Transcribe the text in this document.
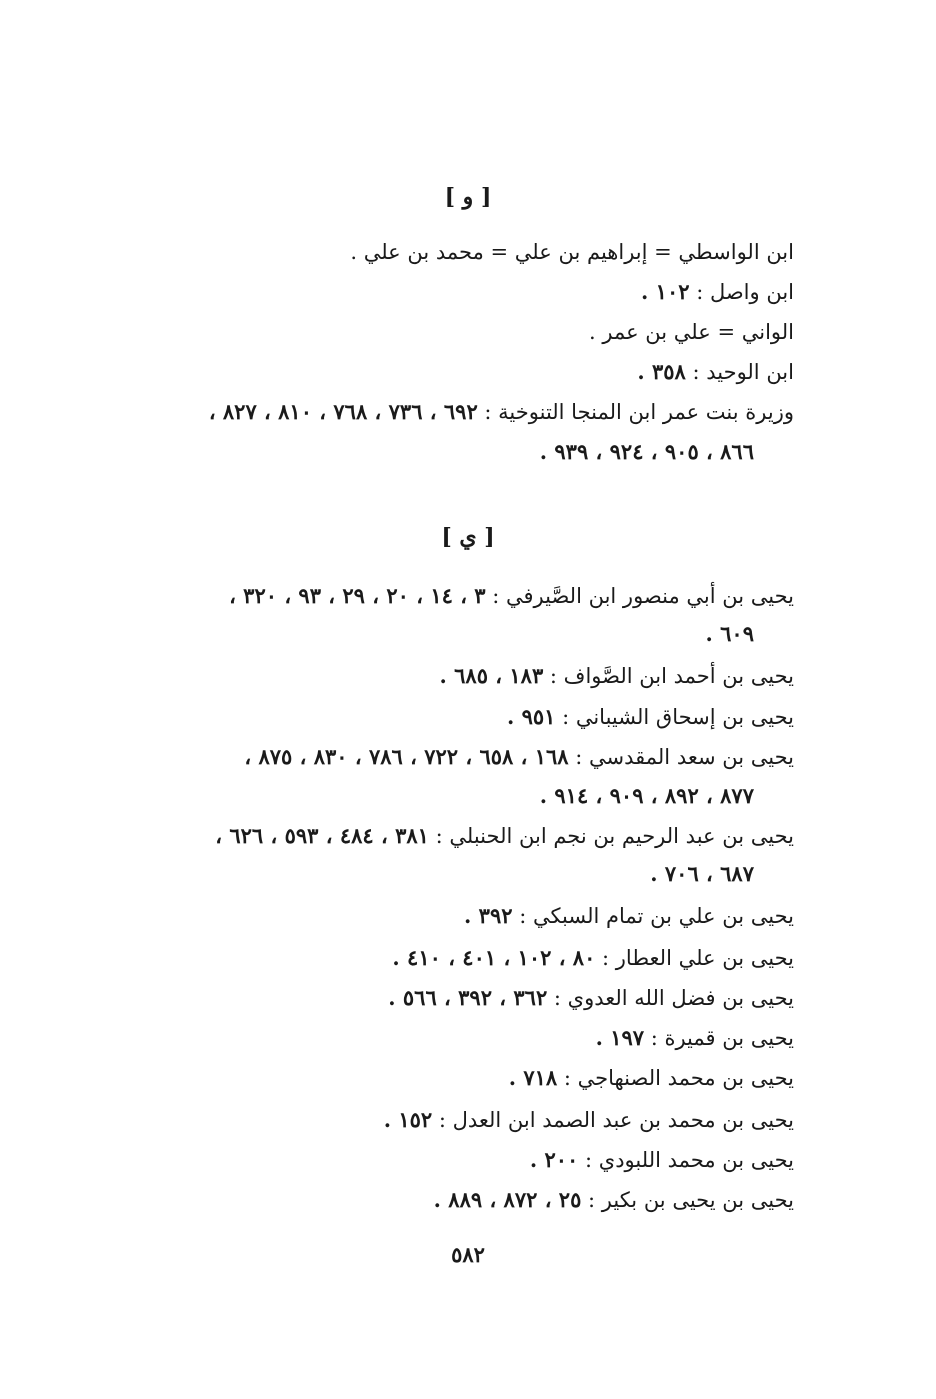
[ و ]
ابن الواسطي = إبراهيم بن علي = محمد بن علي .
ابن واصل : ١٠٢ .
الواني = علي بن عمر .
ابن الوحيد : ٣٥٨ .
وزيرة بنت عمر ابن المنجا التنوخية : ٦٩٢ ، ٧٣٦ ، ٧٦٨ ، ٨١٠ ، ٨٢٧ ،
٨٦٦ ، ٩٠٥ ، ٩٢٤ ، ٩٣٩ .
[ ي ]
يحيى بن أبي منصور ابن الصَّيرفي : ٣ ، ١٤ ، ٢٠ ، ٢٩ ، ٩٣ ، ٣٢٠ ،
٦٠٩ .
يحيى بن أحمد ابن الصَّواف : ١٨٣ ، ٦٨٥ .
يحيى بن إسحاق الشيباني : ٩٥١ .
يحيى بن سعد المقدسي : ١٦٨ ، ٦٥٨ ، ٧٢٢ ، ٧٨٦ ، ٨٣٠ ، ٨٧٥ ،
٨٧٧ ، ٨٩٢ ، ٩٠٩ ، ٩١٤ .
يحيى بن عبد الرحيم بن نجم ابن الحنبلي : ٣٨١ ، ٤٨٤ ، ٥٩٣ ، ٦٢٦ ،
٦٨٧ ، ٧٠٦ .
يحيى بن علي بن تمام السبكي : ٣٩٢ .
يحيى بن علي العطار : ٨٠ ، ١٠٢ ، ٤٠١ ، ٤١٠ .
يحيى بن فضل الله العدوي : ٣٦٢ ، ٣٩٢ ، ٥٦٦ .
يحيى بن قميرة : ١٩٧ .
يحيى بن محمد الصنهاجي : ٧١٨ .
يحيى بن محمد بن عبد الصمد ابن العدل : ١٥٢ .
يحيى بن محمد اللبودي : ٢٠٠ .
يحيى بن يحيى بن بكير : ٢٥ ، ٨٧٢ ، ٨٨٩ .
٥٨٢
